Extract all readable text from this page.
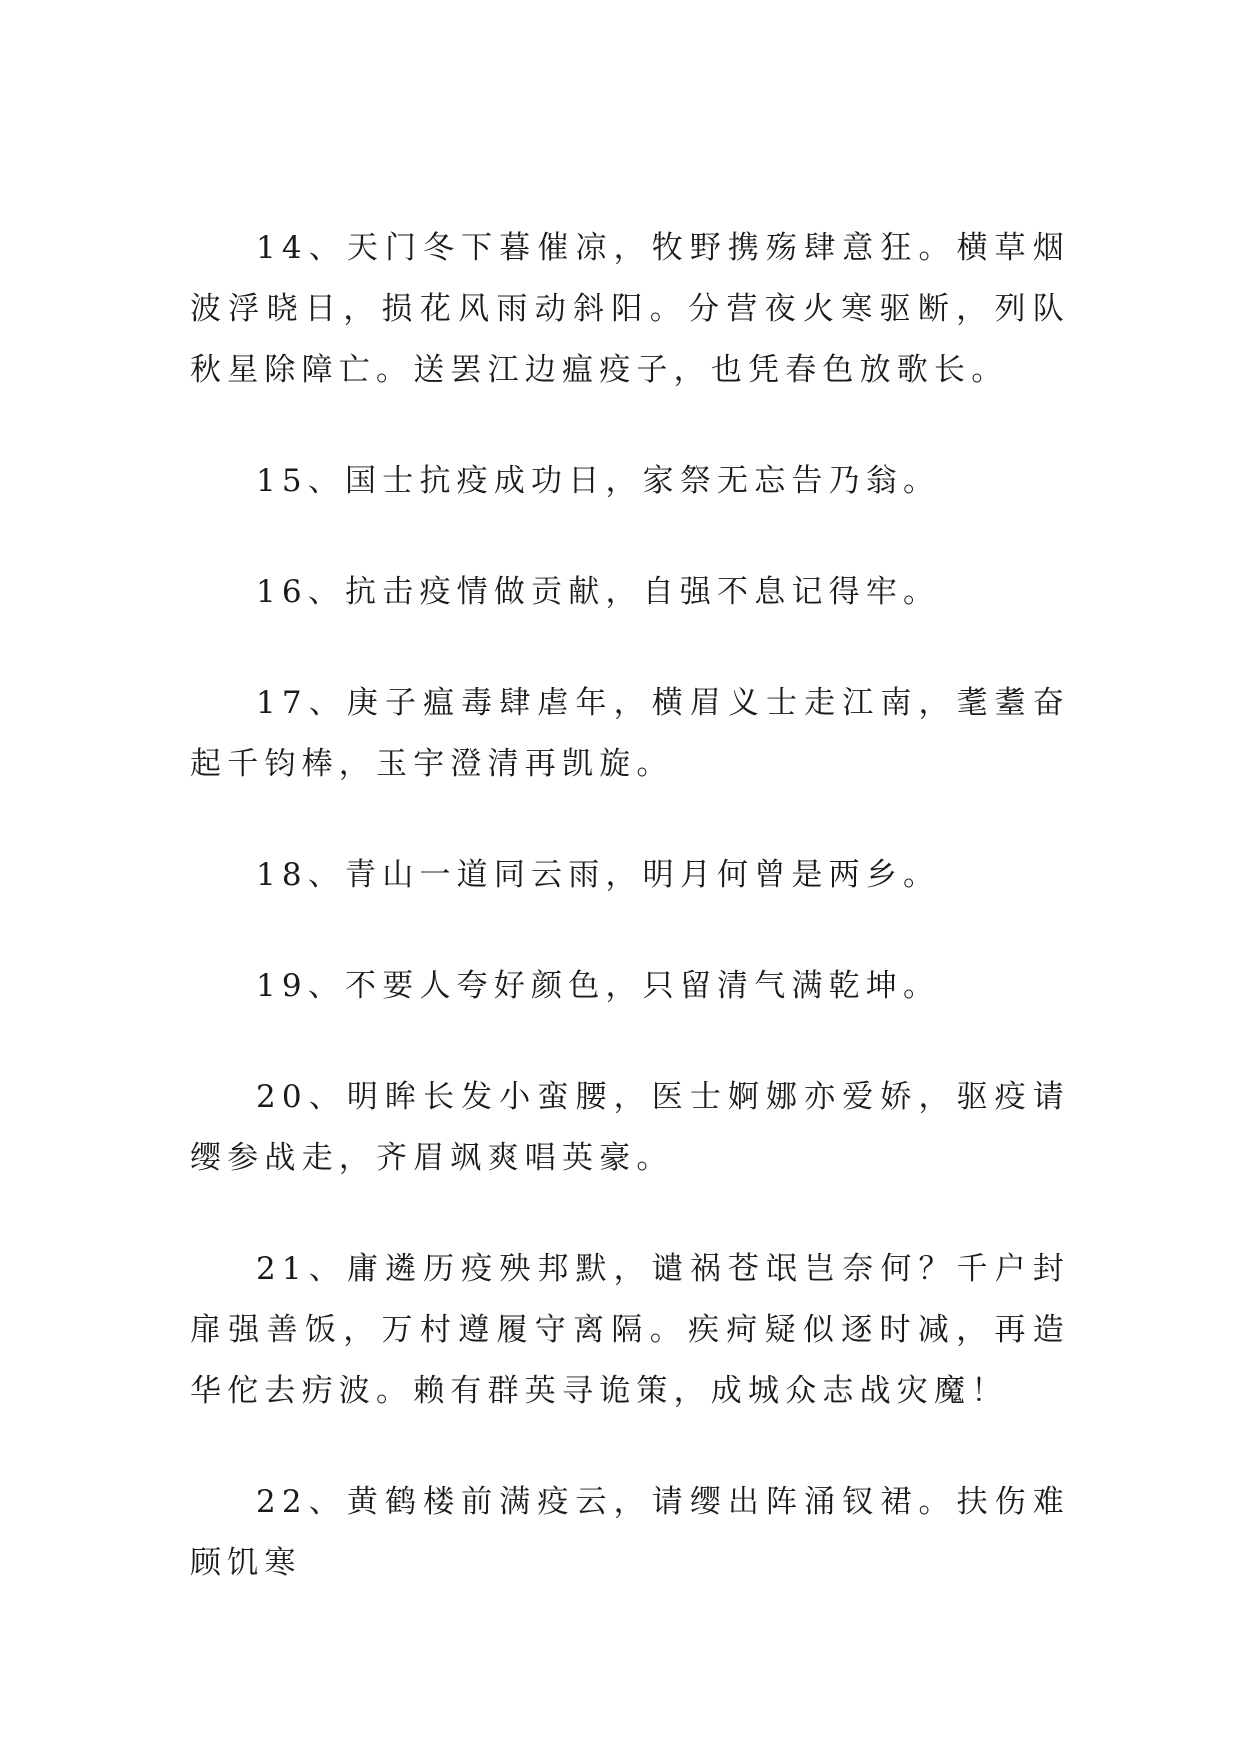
14、天门冬下暮催凉，牧野携殇肆意狂。横草烟波浮晓日，损花风雨动斜阳。分营夜火寒驱断，列队秋星除障亡。送罢江边瘟疫子，也凭春色放歌长。

15、国士抗疫成功日，家祭无忘告乃翁。

16、抗击疫情做贡献，自强不息记得牢。

17、庚子瘟毒肆虐年，横眉义士走江南，耄耋奋起千钧棒，玉宇澄清再凯旋。

18、青山一道同云雨，明月何曾是两乡。

19、不要人夸好颜色，只留清气满乾坤。

20、明眸长发小蛮腰，医士婀娜亦爱娇，驱疫请缨参战走，齐眉飒爽唱英豪。

21、庸遴历疫殃邦默，谴祸苍氓岂奈何？千户封扉强善饭，万村遵履守离隔。疾疴疑似逐时减，再造华佗去疠波。赖有群英寻诡策，成城众志战灾魔！

22、黄鹤楼前满疫云，请缨出阵涌钗裙。扶伤难顾饥寒
